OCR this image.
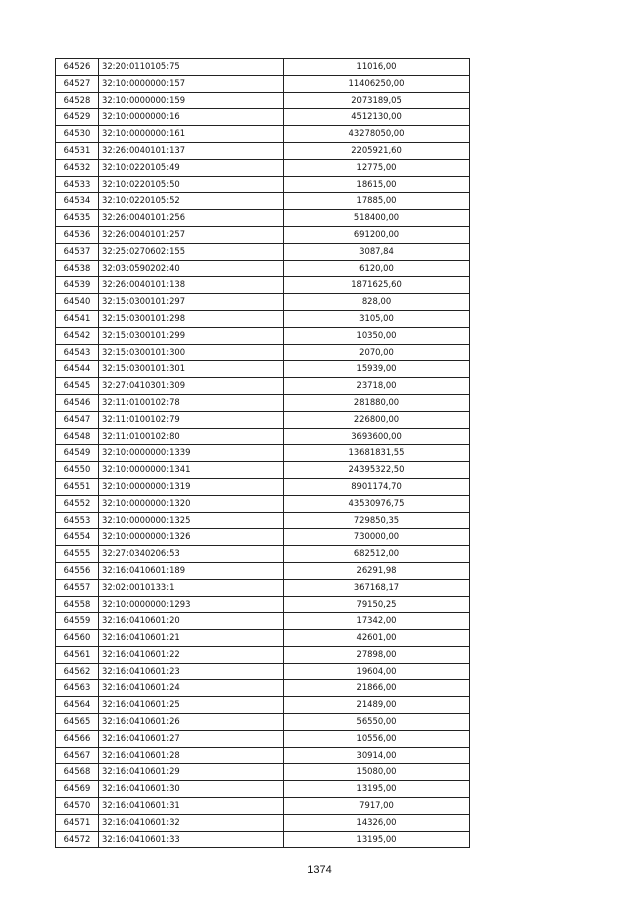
64526	32:20:0110105:75	11016,00
64527	32:10:0000000:157	11406250,00
64528	32:10:0000000:159	2073189,05
64529	32:10:0000000:16	4512130,00
64530	32:10:0000000:161	43278050,00
64531	32:26:0040101:137	2205921,60
64532	32:10:0220105:49	12775,00
64533	32:10:0220105:50	18615,00
64534	32:10:0220105:52	17885,00
64535	32:26:0040101:256	518400,00
64536	32:26:0040101:257	691200,00
64537	32:25:0270602:155	3087,84
64538	32:03:0590202:40	6120,00
64539	32:26:0040101:138	1871625,60
64540	32:15:0300101:297	828,00
64541	32:15:0300101:298	3105,00
64542	32:15:0300101:299	10350,00
64543	32:15:0300101:300	2070,00
64544	32:15:0300101:301	15939,00
64545	32:27:0410301:309	23718,00
64546	32:11:0100102:78	281880,00
64547	32:11:0100102:79	226800,00
64548	32:11:0100102:80	3693600,00
64549	32:10:0000000:1339	13681831,55
64550	32:10:0000000:1341	24395322,50
64551	32:10:0000000:1319	8901174,70
64552	32:10:0000000:1320	43530976,75
64553	32:10:0000000:1325	729850,35
64554	32:10:0000000:1326	730000,00
64555	32:27:0340206:53	682512,00
64556	32:16:0410601:189	26291,98
64557	32:02:0010133:1	367168,17
64558	32:10:0000000:1293	79150,25
64559	32:16:0410601:20	17342,00
64560	32:16:0410601:21	42601,00
64561	32:16:0410601:22	27898,00
64562	32:16:0410601:23	19604,00
64563	32:16:0410601:24	21866,00
64564	32:16:0410601:25	21489,00
64565	32:16:0410601:26	56550,00
64566	32:16:0410601:27	10556,00
64567	32:16:0410601:28	30914,00
64568	32:16:0410601:29	15080,00
64569	32:16:0410601:30	13195,00
64570	32:16:0410601:31	7917,00
64571	32:16:0410601:32	14326,00
64572	32:16:0410601:33	13195,00
1374
